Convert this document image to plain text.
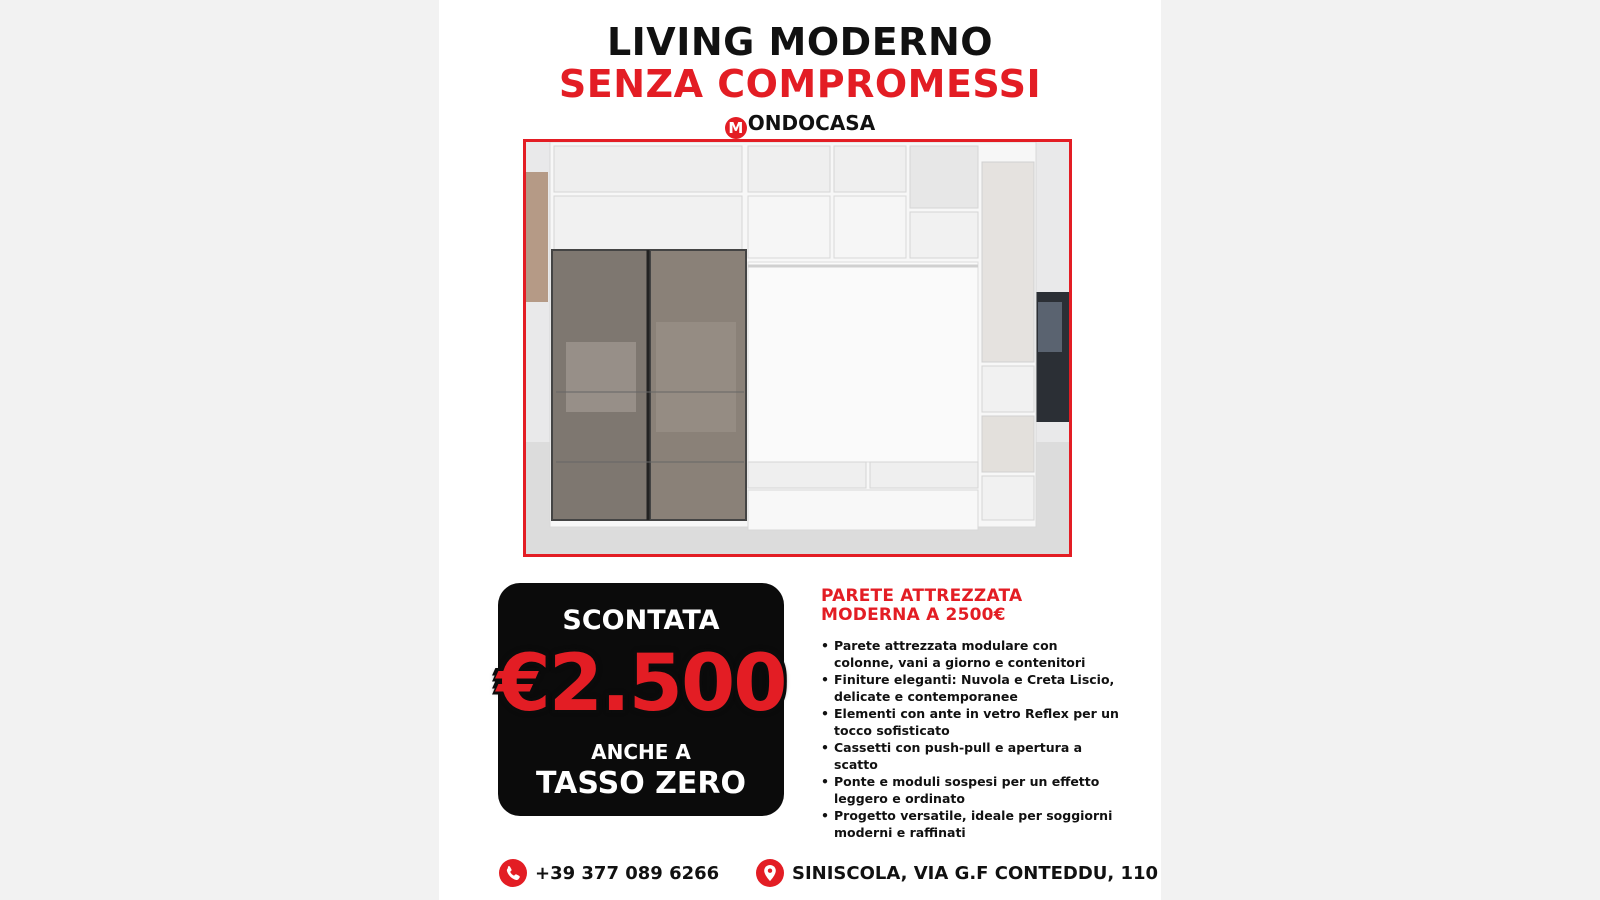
LIVING MODERNO
SENZA COMPROMESSI
M ONDOCASA
SCONTATA
€2.500
ANCHE A
TASSO ZERO
PARETE ATTREZZATA
MODERNA A 2500€
• Parete attrezzata modulare con colonne, vani a giorno e contenitori
• Finiture eleganti: Nuvola e Creta Liscio, delicate e contemporanee
• Elementi con ante in vetro Reflex per un tocco sofisticato
• Cassetti con push-pull e apertura a scatto
• Ponte e moduli sospesi per un effetto leggero e ordinato
• Progetto versatile, ideale per soggiorni moderni e raffinati
+39 377 089 6266	SINISCOLA, VIA G.F CONTEDDU, 110
